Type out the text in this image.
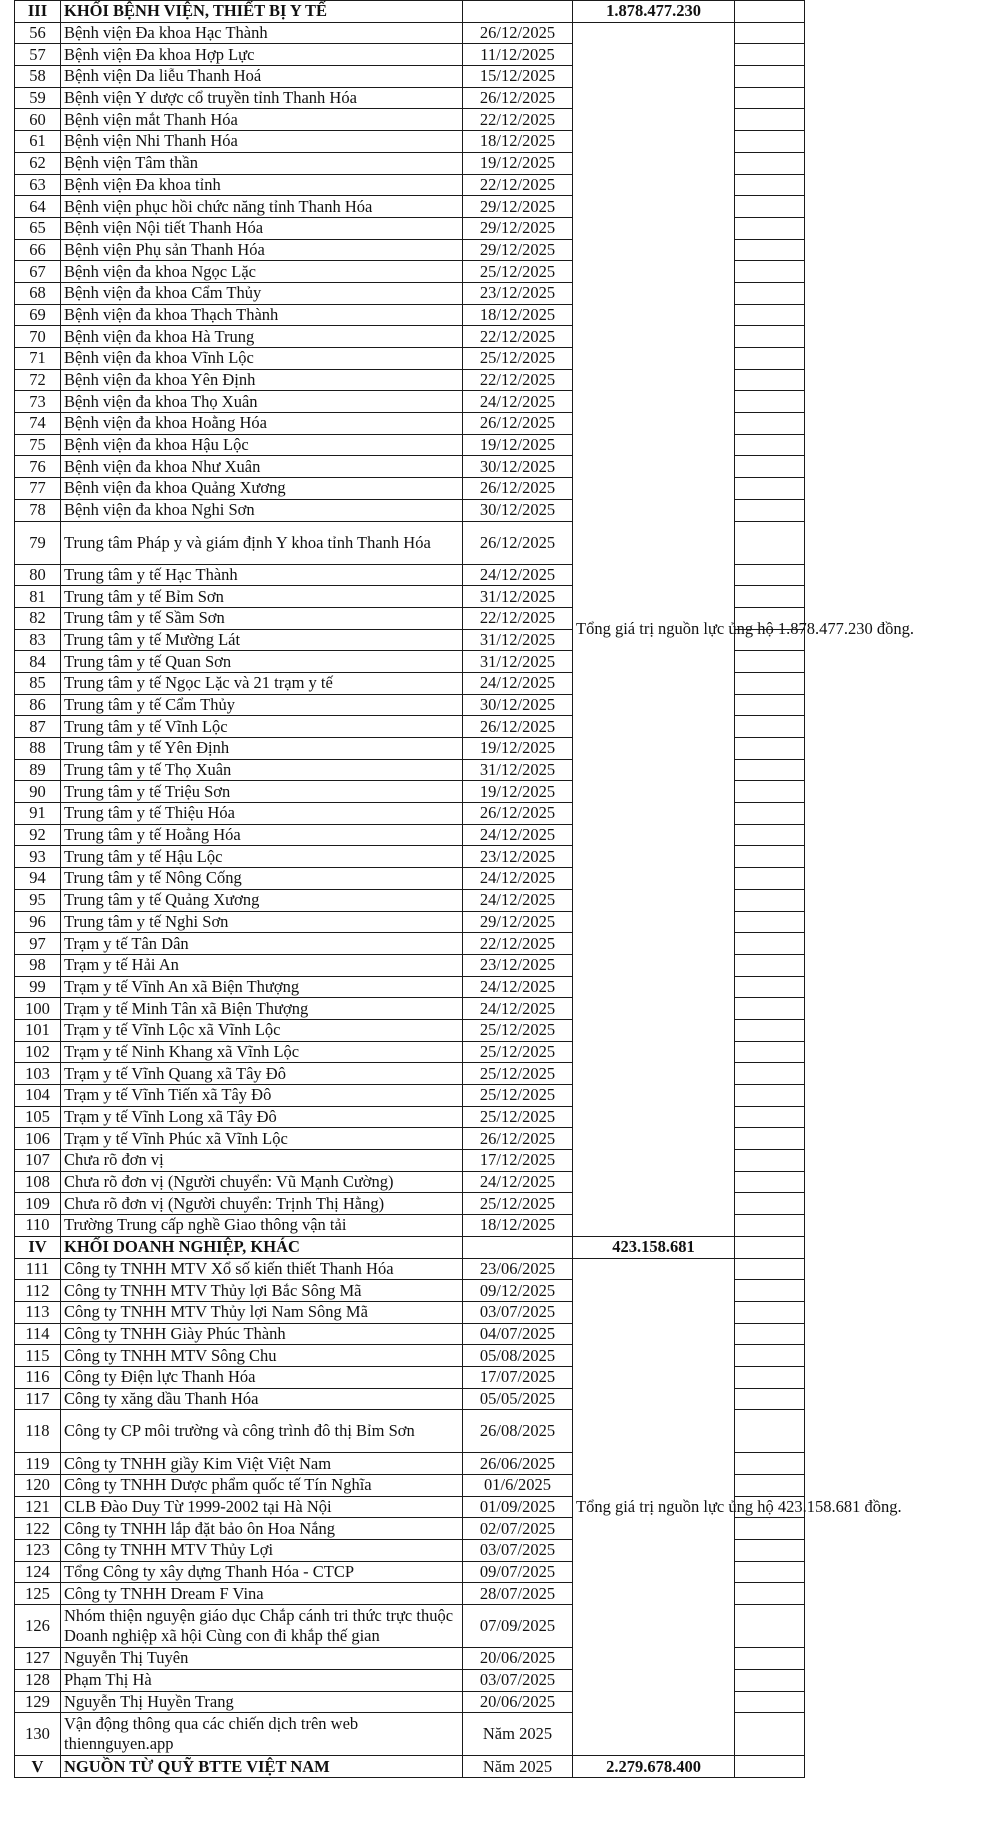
III	KHỐI BỆNH VIỆN, THIẾT BỊ Y TẾ		1.878.477.230	
56	Bệnh viện Đa khoa Hạc Thành	26/12/2025	Tổng giá trị nguồn lực ủng hộ 1.878.477.230 đồng.	
57	Bệnh viện Đa khoa Hợp Lực	11/12/2025		
58	Bệnh viện Da liễu Thanh Hoá	15/12/2025		
59	Bệnh viện Y dược cổ truyền tỉnh Thanh Hóa	26/12/2025		
60	Bệnh viện mắt Thanh Hóa	22/12/2025		
61	Bệnh viện Nhi Thanh Hóa	18/12/2025		
62	Bệnh viện Tâm thần	19/12/2025		
63	Bệnh viện Đa khoa tỉnh	22/12/2025		
64	Bệnh viện phục hồi chức năng tỉnh Thanh Hóa	29/12/2025		
65	Bệnh viện Nội tiết Thanh Hóa	29/12/2025		
66	Bệnh viện Phụ sản Thanh Hóa	29/12/2025		
67	Bệnh viện đa khoa Ngọc Lặc	25/12/2025		
68	Bệnh viện đa khoa Cẩm Thủy	23/12/2025		
69	Bệnh viện đa khoa Thạch Thành	18/12/2025		
70	Bệnh viện đa khoa Hà Trung	22/12/2025		
71	Bệnh viện đa khoa Vĩnh Lộc	25/12/2025		
72	Bệnh viện đa khoa Yên Định	22/12/2025		
73	Bệnh viện đa khoa Thọ Xuân	24/12/2025		
74	Bệnh viện đa khoa Hoằng Hóa	26/12/2025		
75	Bệnh viện đa khoa Hậu Lộc	19/12/2025		
76	Bệnh viện đa khoa Như Xuân	30/12/2025		
77	Bệnh viện đa khoa Quảng Xương	26/12/2025		
78	Bệnh viện đa khoa Nghi Sơn	30/12/2025		
79	Trung tâm Pháp y và giám định Y khoa tỉnh Thanh Hóa	26/12/2025		
80	Trung tâm y tế Hạc Thành	24/12/2025		
81	Trung tâm y tế Bỉm Sơn	31/12/2025		
82	Trung tâm y tế Sầm Sơn	22/12/2025		
83	Trung tâm y tế Mường Lát	31/12/2025		
84	Trung tâm y tế Quan Sơn	31/12/2025		
85	Trung tâm y tế Ngọc Lặc và 21 trạm y tế	24/12/2025		
86	Trung tâm y tế Cẩm Thủy	30/12/2025		
87	Trung tâm y tế Vĩnh Lộc	26/12/2025		
88	Trung tâm y tế Yên Định	19/12/2025		
89	Trung tâm y tế Thọ Xuân	31/12/2025		
90	Trung tâm y tế Triệu Sơn	19/12/2025		
91	Trung tâm y tế Thiệu Hóa	26/12/2025		
92	Trung tâm y tế Hoằng Hóa	24/12/2025		
93	Trung tâm y tế Hậu Lộc	23/12/2025		
94	Trung tâm y tế Nông Cống	24/12/2025		
95	Trung tâm y tế Quảng Xương	24/12/2025		
96	Trung tâm y tế Nghi Sơn	29/12/2025		
97	Trạm y tế Tân Dân	22/12/2025		
98	Trạm y tế Hải An	23/12/2025		
99	Trạm y tế Vĩnh An xã Biện Thượng	24/12/2025		
100	Trạm y tế Minh Tân xã Biện Thượng	24/12/2025		
101	Trạm y tế Vĩnh Lộc xã Vĩnh Lộc	25/12/2025		
102	Trạm y tế Ninh Khang xã Vĩnh Lộc	25/12/2025		
103	Trạm y tế Vĩnh Quang xã Tây Đô	25/12/2025		
104	Trạm y tế Vĩnh Tiến xã Tây Đô	25/12/2025		
105	Trạm y tế Vĩnh Long xã Tây Đô	25/12/2025		
106	Trạm y tế Vĩnh Phúc xã Vĩnh Lộc	26/12/2025		
107	Chưa rõ đơn vị	17/12/2025		
108	Chưa rõ đơn vị (Người chuyển: Vũ Mạnh Cường)	24/12/2025		
109	Chưa rõ đơn vị (Người chuyển: Trịnh Thị Hằng)	25/12/2025		
110	Trường Trung cấp nghề Giao thông vận tải	18/12/2025		
IV	KHỐI DOANH NGHIỆP, KHÁC		423.158.681	
111	Công ty TNHH MTV Xổ số kiến thiết Thanh Hóa	23/06/2025	Tổng giá trị nguồn lực ủng hộ 423.158.681 đồng.	
112	Công ty TNHH MTV Thủy lợi Bắc Sông Mã	09/12/2025		
113	Công ty TNHH MTV Thủy lợi Nam Sông Mã	03/07/2025		
114	Công ty TNHH Giày Phúc Thành	04/07/2025		
115	Công ty TNHH MTV Sông Chu	05/08/2025		
116	Công ty Điện lực Thanh Hóa	17/07/2025		
117	Công ty xăng dầu Thanh Hóa	05/05/2025		
118	Công ty CP môi trường và công trình đô thị Bỉm Sơn	26/08/2025		
119	Công ty TNHH giầy Kim Việt Việt Nam	26/06/2025		
120	Công ty TNHH Dược phẩm quốc tế Tín Nghĩa	01/6/2025		
121	CLB Đào Duy Từ 1999-2002 tại Hà Nội	01/09/2025		
122	Công ty TNHH lắp đặt bảo ôn Hoa Nắng	02/07/2025		
123	Công ty TNHH MTV Thủy Lợi	03/07/2025		
124	Tổng Công ty xây dựng Thanh Hóa - CTCP	09/07/2025		
125	Công ty TNHH Dream F Vina	28/07/2025		
126	Nhóm thiện nguyện giáo dục Chắp cánh tri thức trực thuộc Doanh nghiệp xã hội Cùng con đi khắp thế gian	07/09/2025		
127	Nguyễn Thị Tuyên	20/06/2025		
128	Phạm Thị Hà	03/07/2025		
129	Nguyễn Thị Huyền Trang	20/06/2025		
130	Vận động thông qua các chiến dịch trên web thiennguyen.app	Năm 2025		
V	NGUỒN TỪ QUỸ BTTE VIỆT NAM	Năm 2025	2.279.678.400	
